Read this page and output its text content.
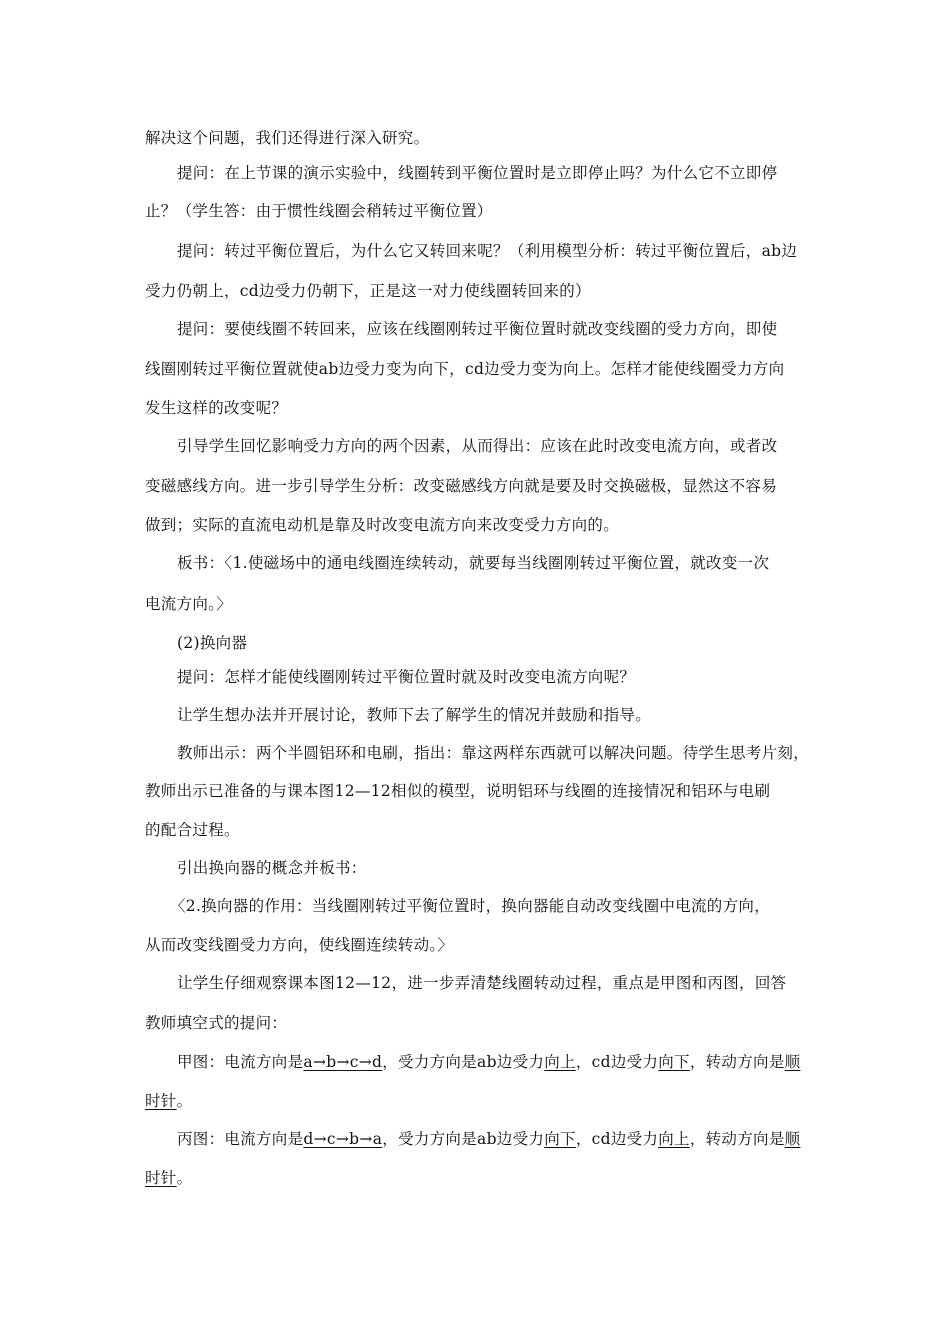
解决这个问题，我们还得进行深入研究。
提问：在上节课的演示实验中，线圈转到平衡位置时是立即停止吗？为什么它不立即停
止？（学生答：由于惯性线圈会稍转过平衡位置）
提问：转过平衡位置后，为什么它又转回来呢？（利用模型分析：转过平衡位置后，ab边
受力仍朝上，cd边受力仍朝下，正是这一对力使线圈转回来的）
提问：要使线圈不转回来，应该在线圈刚转过平衡位置时就改变线圈的受力方向，即使
线圈刚转过平衡位置就使ab边受力变为向下，cd边受力变为向上。怎样才能使线圈受力方向
发生这样的改变呢？
引导学生回忆影响受力方向的两个因素，从而得出：应该在此时改变电流方向，或者改
变磁感线方向。进一步引导学生分析：改变磁感线方向就是要及时交换磁极，显然这不容易
做到；实际的直流电动机是靠及时改变电流方向来改变受力方向的。
板书：〈1.使磁场中的通电线圈连续转动，就要每当线圈刚转过平衡位置，就改变一次
电流方向。〉
(2)换向器
提问：怎样才能使线圈刚转过平衡位置时就及时改变电流方向呢？
让学生想办法并开展讨论，教师下去了解学生的情况并鼓励和指导。
教师出示：两个半圆铝环和电刷，指出：靠这两样东西就可以解决问题。待学生思考片刻，
教师出示已准备的与课本图12—12相似的模型，说明铝环与线圈的连接情况和铝环与电刷
的配合过程。
引出换向器的概念并板书：
〈2.换向器的作用：当线圈刚转过平衡位置时，换向器能自动改变线圈中电流的方向，
从而改变线圈受力方向，使线圈连续转动。〉
让学生仔细观察课本图12—12，进一步弄清楚线圈转动过程，重点是甲图和丙图，回答
教师填空式的提问：
甲图：电流方向是a→b→c→d，受力方向是ab边受力向上，cd边受力向下，转动方向是顺
时针。
丙图：电流方向是d→c→b→a，受力方向是ab边受力向下，cd边受力向上，转动方向是顺
时针。
